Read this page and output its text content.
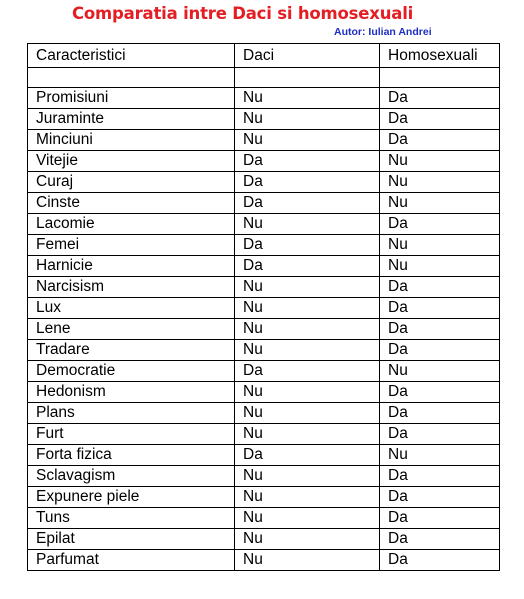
Comparatia intre Daci si homosexuali
Autor: Iulian Andrei
Caracteristici	Daci	Homosexuali

Promisiuni	Nu	Da
Juraminte	Nu	Da
Minciuni	Nu	Da
Vitejie	Da	Nu
Curaj	Da	Nu
Cinste	Da	Nu
Lacomie	Nu	Da
Femei	Da	Nu
Harnicie	Da	Nu
Narcisism	Nu	Da
Lux	Nu	Da
Lene	Nu	Da
Tradare	Nu	Da
Democratie	Da	Nu
Hedonism	Nu	Da
Plans	Nu	Da
Furt	Nu	Da
Forta fizica	Da	Nu
Sclavagism	Nu	Da
Expunere piele	Nu	Da
Tuns	Nu	Da
Epilat	Nu	Da
Parfumat	Nu	Da
